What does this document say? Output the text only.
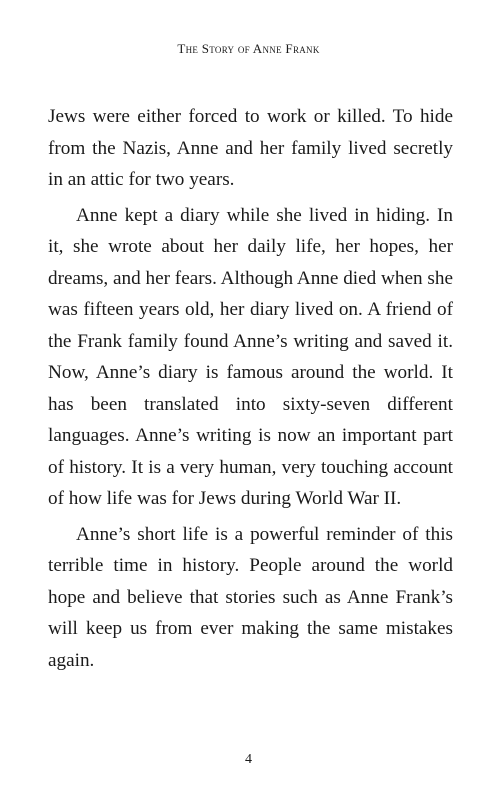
The Story of Anne Frank

Jews were either forced to work or killed. To hide from the Nazis, Anne and her family lived secretly in an attic for two years.

Anne kept a diary while she lived in hiding. In it, she wrote about her daily life, her hopes, her dreams, and her fears. Although Anne died when she was fifteen years old, her diary lived on. A friend of the Frank family found Anne’s writing and saved it. Now, Anne’s diary is famous around the world. It has been translated into sixty-seven different languages. Anne’s writing is now an important part of history. It is a very human, very touching account of how life was for Jews during World War II.

Anne’s short life is a powerful reminder of this terrible time in history. People around the world hope and believe that stories such as Anne Frank’s will keep us from ever making the same mistakes again.

4
